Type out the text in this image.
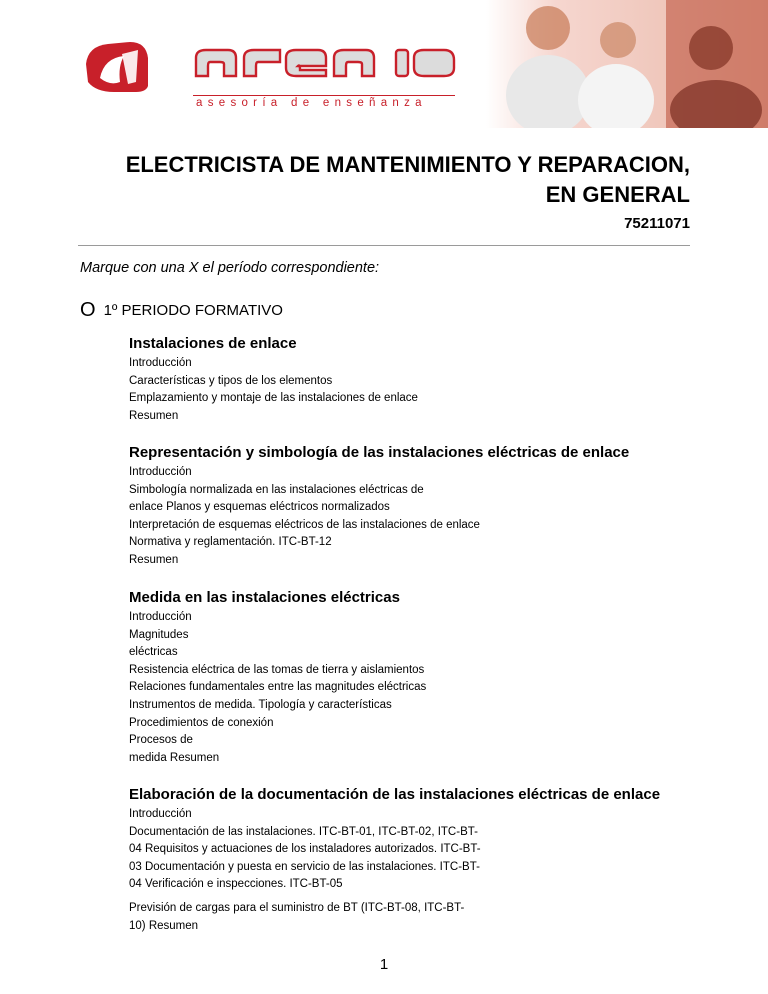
asesoría de enseñanza
ELECTRICISTA DE MANTENIMIENTO Y REPARACION,
EN GENERAL
75211071
Marque con una X el período correspondiente:
O 1º PERIODO FORMATIVO
Instalaciones de enlace
Introducción
Características y tipos de los elementos
Emplazamiento y montaje de las instalaciones de enlace
Resumen
Representación y simbología de las instalaciones eléctricas de enlace
Introducción
Simbología normalizada en las instalaciones eléctricas de
enlace Planos y esquemas eléctricos normalizados
Interpretación de esquemas eléctricos de las instalaciones de enlace
Normativa y reglamentación. ITC-BT-12
Resumen
Medida en las instalaciones eléctricas
Introducción
Magnitudes
eléctricas
Resistencia eléctrica de las tomas de tierra y aislamientos
Relaciones fundamentales entre las magnitudes eléctricas
Instrumentos de medida. Tipología y características
Procedimientos de conexión
Procesos de
medida Resumen
Elaboración de la documentación de las instalaciones eléctricas de enlace
Introducción
Documentación de las instalaciones. ITC-BT-01, ITC-BT-02, ITC-BT-
04 Requisitos y actuaciones de los instaladores autorizados. ITC-BT-
03 Documentación y puesta en servicio de las instalaciones. ITC-BT-
04 Verificación e inspecciones. ITC-BT-05
Previsión de cargas para el suministro de BT (ITC-BT-08, ITC-BT-
10) Resumen
1
